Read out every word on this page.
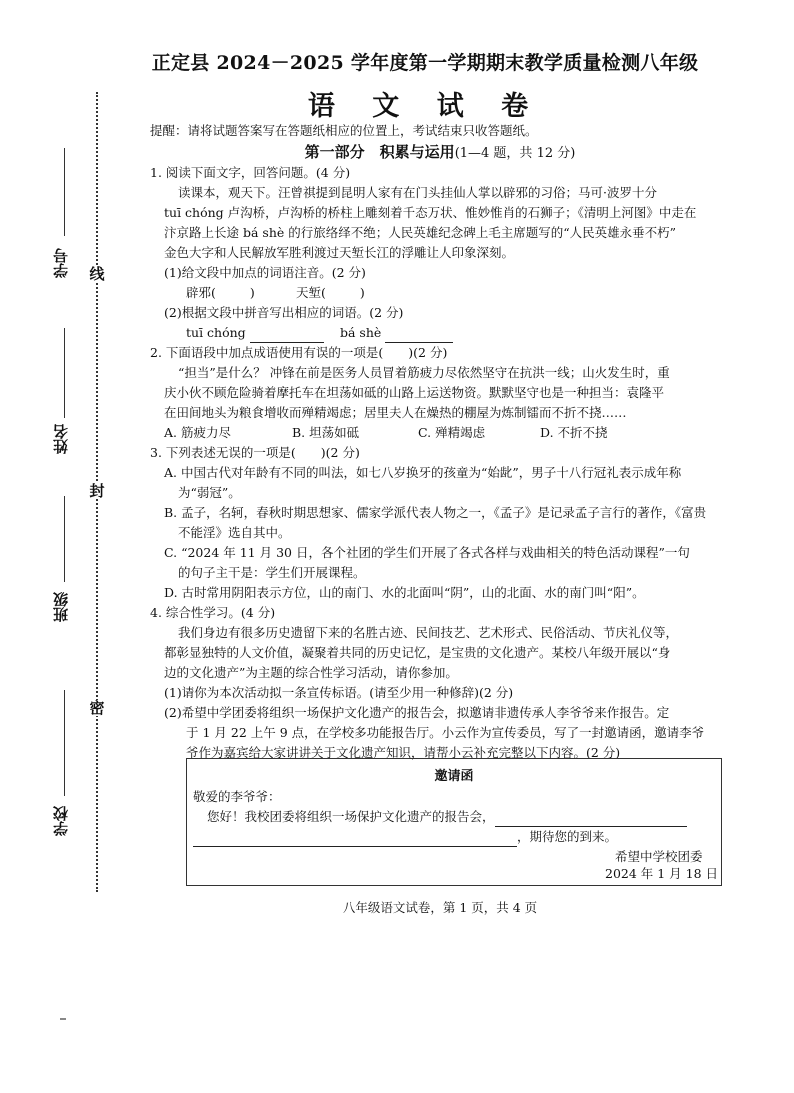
线
封
密
学号
姓名
班级
学校
正定县 2024－2025 学年度第一学期期末教学质量检测八年级
语 文 试 卷
提醒：请将试题答案写在答题纸相应的位置上，考试结束只收答题纸。
第一部分　积累与运用(1—4 题，共 12 分)
1. 阅读下面文字，回答问题。(4 分)
读课本，观天下。汪曾祺提到昆明人家有在门头挂仙人掌以辟邪的习俗；马可·波罗十分
tuī chóng 卢沟桥，卢沟桥的桥柱上雕刻着千态万状、惟妙惟肖的石狮子；《清明上河图》中走在
汴京路上长途 bá shè 的行旅络绎不绝；人民英雄纪念碑上毛主席题写的“人民英雄永垂不朽”
金色大字和人民解放军胜利渡过天堑长江的浮雕让人印象深刻。
(1)给文段中加点的词语注音。(2 分)
辟邪(	)	天堑(	)
(2)根据文段中拼音写出相应的词语。(2 分)
tuī chóng	bá shè
2. 下面语段中加点成语使用有误的一项是(　　)(2 分)
“担当”是什么？ 冲锋在前是医务人员冒着筋疲力尽依然坚守在抗洪一线；山火发生时，重
庆小伙不顾危险骑着摩托车在坦荡如砥的山路上运送物资。默默坚守也是一种担当：袁隆平
在田间地头为粮食增收而殚精竭虑；居里夫人在燥热的棚屋为炼制镭而不折不挠……
A. 筋疲力尽	B. 坦荡如砥	C. 殚精竭虑	D. 不折不挠
3. 下列表述无误的一项是(　　)(2 分)
A. 中国古代对年龄有不同的叫法，如七八岁换牙的孩童为“始龀”，男子十八行冠礼表示成年称
为“弱冠”。
B. 孟子，名轲，春秋时期思想家、儒家学派代表人物之一，《孟子》是记录孟子言行的著作，《富贵
不能淫》选自其中。
C. “2024 年 11 月 30 日，各个社团的学生们开展了各式各样与戏曲相关的特色活动课程”一句
的句子主干是：学生们开展课程。
D. 古时常用阴阳表示方位，山的南门、水的北面叫“阴”，山的北面、水的南门叫“阳”。
4. 综合性学习。(4 分)
我们身边有很多历史遗留下来的名胜古迹、民间技艺、艺术形式、民俗活动、节庆礼仪等，
都彰显独特的人文价值，凝聚着共同的历史记忆，是宝贵的文化遗产。某校八年级开展以“身
边的文化遗产”为主题的综合性学习活动，请你参加。
(1)请你为本次活动拟一条宣传标语。(请至少用一种修辞)(2 分)
(2)希望中学团委将组织一场保护文化遗产的报告会，拟邀请非遗传承人李爷爷来作报告。定
于 1 月 22 上午 9 点，在学校多功能报告厅。小云作为宣传委员，写了一封邀请函，邀请李爷
爷作为嘉宾给大家讲讲关于文化遗产知识，请帮小云补充完整以下内容。(2 分)
邀请函
敬爱的李爷爷：
您好！我校团委将组织一场保护文化遗产的报告会，
，期待您的到来。
希望中学校团委
2024 年 1 月 18 日
八年级语文试卷，第 1 页，共 4 页
